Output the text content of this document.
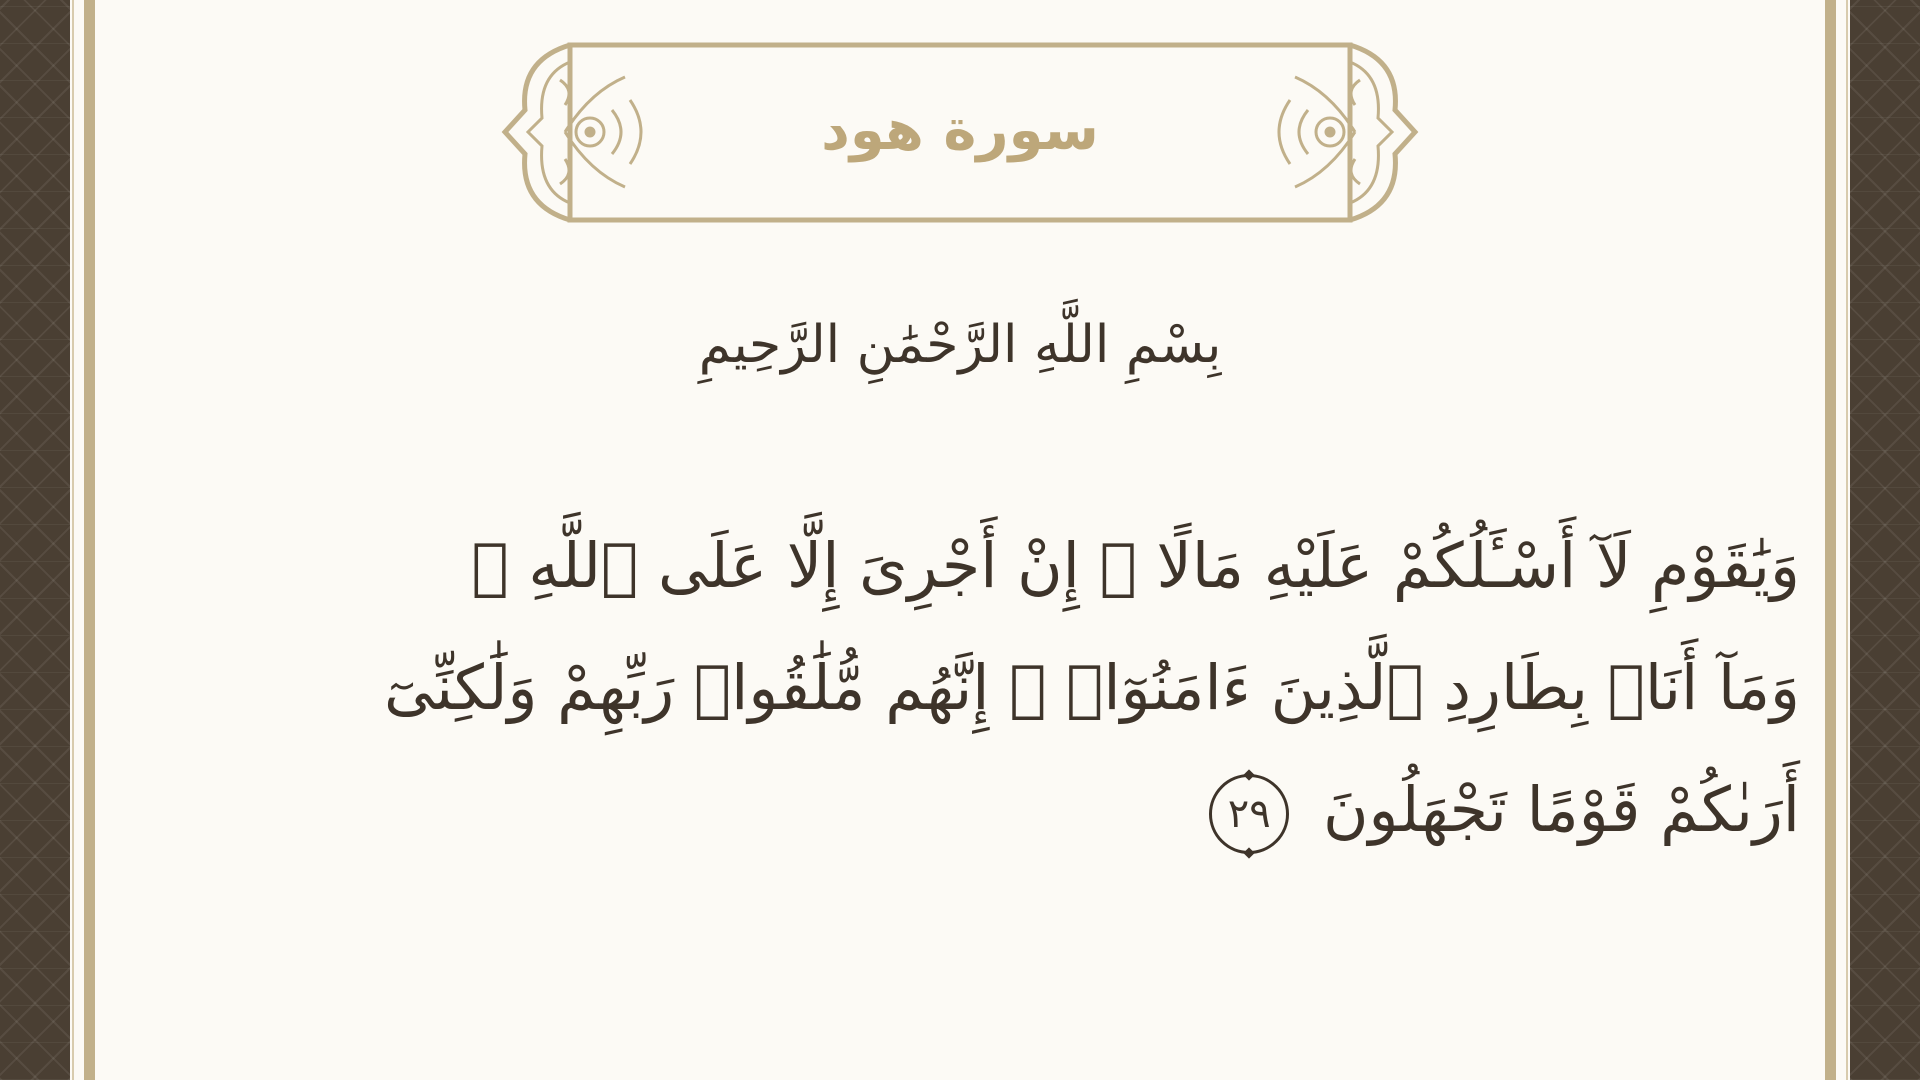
سورة هود
بِسْمِ اللَّهِ الرَّحْمَٰنِ الرَّحِيمِ
وَيَٰقَوْمِ لَآ أَسْـَٔلُكُمْ عَلَيْهِ مَالًا ۖ إِنْ أَجْرِىَ إِلَّا عَلَى ٱللَّهِ ۚ وَمَآ أَنَا۠ بِطَارِدِ ٱلَّذِينَ ءَامَنُوٓا۟ ۚ إِنَّهُم مُّلَٰقُوا۟ رَبِّهِمْ وَلَٰكِنِّىٓ أَرَىٰكُمْ قَوْمًا تَجْهَلُونَ
٢٩
